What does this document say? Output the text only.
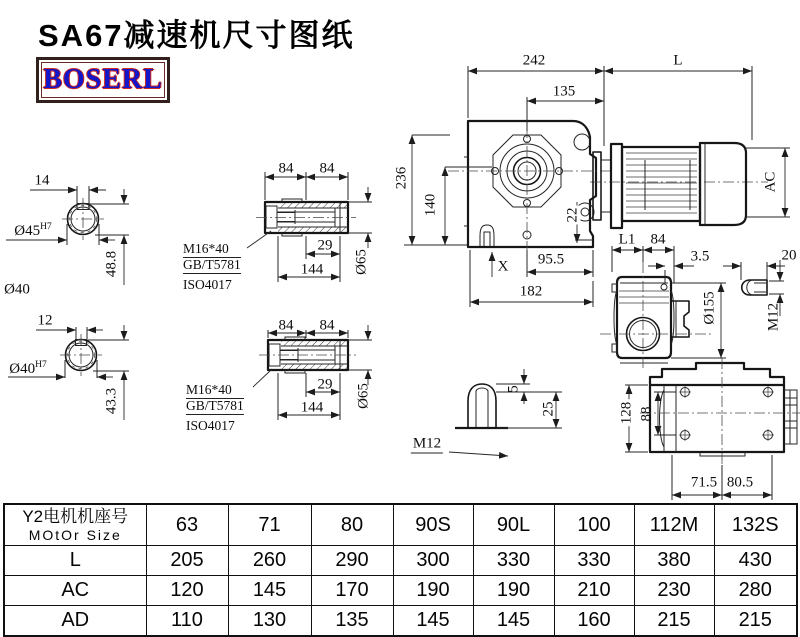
SA67减速机尺寸图纸
BOSERL
14
$Ø45^{H7}$
48.8
Ø40
12
$Ø40^{H7}$
43.3
84 84
29
Ø65
144
M16*40
GB/T5781
ISO4017
84 84
29 Ø65
144
M16*40
GB/T5781
ISO4017
242	L
135
236
140	22
X 95.5
182
AC
L1 84
3.5
Ø155
20
M12
5
25
M12
128 88
71.5 80.5
Y2电机机座号
MOtOr Size	63	71	80	90S	90L	100	112M	132S
L	205	260	290	300	330	330	380	430
AC	120	145	170	190	190	210	230	280
AD	110	130	135	145	145	160	215	215
